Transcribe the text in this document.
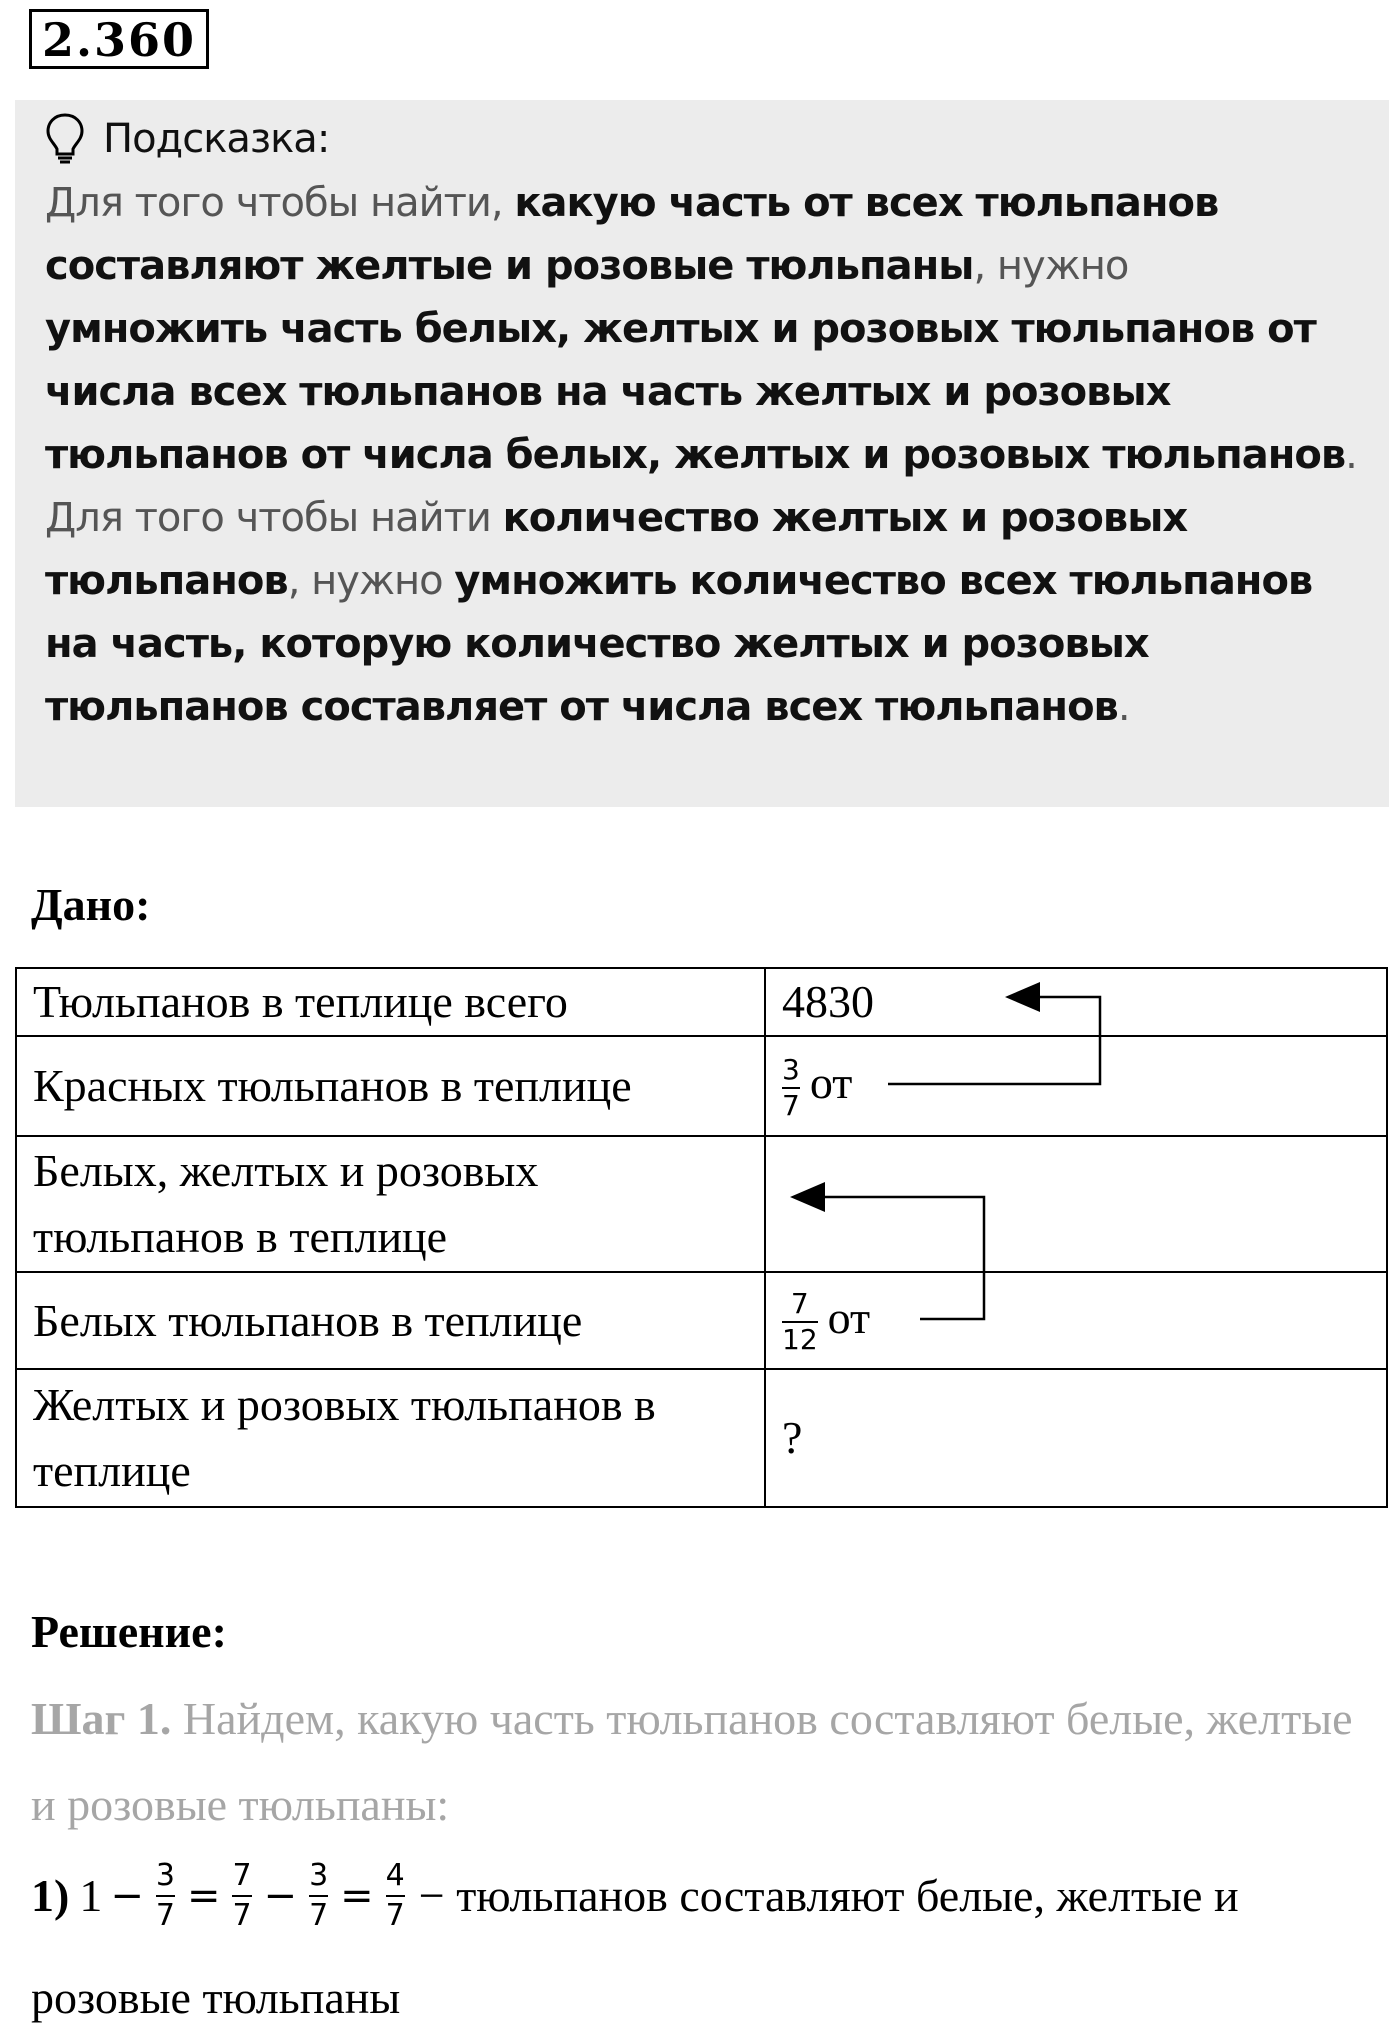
2.360
Подсказка:

Для того чтобы найти, какую часть от всех тюльпанов составляют желтые и розовые тюльпаны, нужно умножить часть белых, желтых и розовых тюльпанов от числа всех тюльпанов на часть желтых и розовых тюльпанов от числа белых, желтых и розовых тюльпанов.

Для того чтобы найти количество желтых и розовых тюльпанов, нужно умножить количество всех тюльпанов на часть, которую количество желтых и розовых тюльпанов составляет от числа всех тюльпанов.

Дано:
Тюльпанов в теплице всего	4830
Красных тюльпанов в теплице	$\frac{3}{7}$ от
Белых, желтых и розовых тюльпанов в теплице	
Белых тюльпанов в теплице	$\frac{7}{12}$ от
Желтых и розовых тюльпанов в теплице	?
Решение:
Шаг 1. Найдем, какую часть тюльпанов составляют белые, желтые и розовые тюльпаны:
1) $1 - \frac{3}{7} = \frac{7}{7} - \frac{3}{7} = \frac{4}{7}$ − тюльпанов составляют белые, желтые и
розовые тюльпаны
